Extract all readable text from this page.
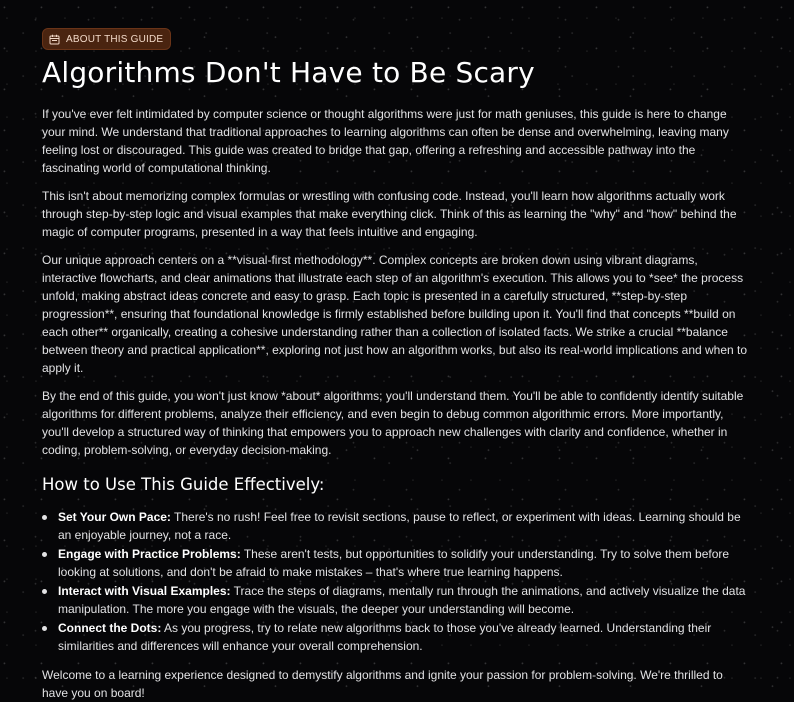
ABOUT THIS GUIDE
Algorithms Don't Have to Be Scary

If you've ever felt intimidated by computer science or thought algorithms were just for math geniuses, this guide is here to change your mind. We understand that traditional approaches to learning algorithms can often be dense and overwhelming, leaving many feeling lost or discouraged. This guide was created to bridge that gap, offering a refreshing and accessible pathway into the fascinating world of computational thinking.

This isn't about memorizing complex formulas or wrestling with confusing code. Instead, you'll learn how algorithms actually work through step-by-step logic and visual examples that make everything click. Think of this as learning the "why" and "how" behind the magic of computer programs, presented in a way that feels intuitive and engaging.

Our unique approach centers on a **visual-first methodology**. Complex concepts are broken down using vibrant diagrams, interactive flowcharts, and clear animations that illustrate each step of an algorithm's execution. This allows you to *see* the process unfold, making abstract ideas concrete and easy to grasp. Each topic is presented in a carefully structured, **step-by-step progression**, ensuring that foundational knowledge is firmly established before building upon it. You'll find that concepts **build on each other** organically, creating a cohesive understanding rather than a collection of isolated facts. We strike a crucial **balance between theory and practical application**, exploring not just how an algorithm works, but also its real-world implications and when to apply it.

By the end of this guide, you won't just know *about* algorithms; you'll understand them. You'll be able to confidently identify suitable algorithms for different problems, analyze their efficiency, and even begin to debug common algorithmic errors. More importantly, you'll develop a structured way of thinking that empowers you to approach new challenges with clarity and confidence, whether in coding, problem-solving, or everyday decision-making.

How to Use This Guide Effectively:
Set Your Own Pace: There's no rush! Feel free to revisit sections, pause to reflect, or experiment with ideas. Learning should be an enjoyable journey, not a race.
Engage with Practice Problems: These aren't tests, but opportunities to solidify your understanding. Try to solve them before looking at solutions, and don't be afraid to make mistakes – that's where true learning happens.
Interact with Visual Examples: Trace the steps of diagrams, mentally run through the animations, and actively visualize the data manipulation. The more you engage with the visuals, the deeper your understanding will become.
Connect the Dots: As you progress, try to relate new algorithms back to those you've already learned. Understanding their similarities and differences will enhance your overall comprehension.

Welcome to a learning experience designed to demystify algorithms and ignite your passion for problem-solving. We're thrilled to have you on board!
